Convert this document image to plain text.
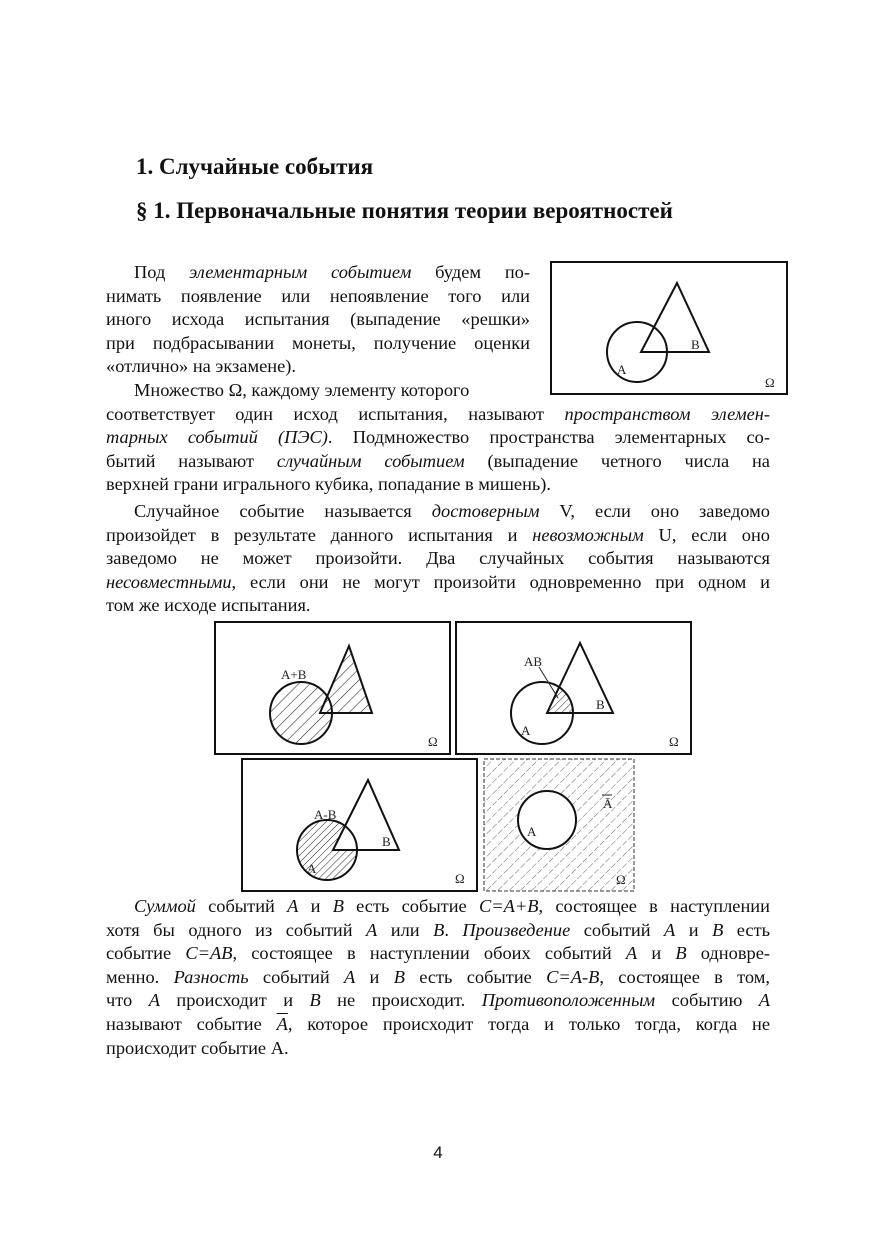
1. Случайные события
§ 1. Первоначальные понятия теории вероятностей
Под элементарным событием будем по-
нимать появление или непоявление того или
иного исхода испытания (выпадение «решки»
при подбрасывании монеты, получение оценки
«отлично» на экзамене).
Множество Ω, каждому элементу которого
соответствует один исход испытания, называют пространством элемен-
тарных событий (ПЭС). Подмножество пространства элементарных со-
бытий называют случайным событием (выпадение четного числа на
верхней грани игрального кубика, попадание в мишень).
Случайное событие называется достоверным V, если оно заведомо
произойдет в результате данного испытания и невозможным U, если оно
заведомо не может произойти. Два случайных события называются
несовместными, если они не могут произойти одновременно при одном и
том же исходе испытания.
Суммой событий A и B есть событие C=A+B, состоящее в наступлении
хотя бы одного из событий A или B. Произведение событий A и B есть
событие C=AB, состоящее в наступлении обоих событий A и B одновре-
менно. Разность событий A и B есть событие C=A-B, состоящее в том,
что A происходит и B не происходит. Противоположенным событию A
называют событие $\overline{A}$, которое происходит тогда и только тогда, когда не
происходит событие А.
A
B
Ω
A+B
Ω
AB
A
B
Ω
A-B
A
B
Ω
A
Ā
Ω
4
